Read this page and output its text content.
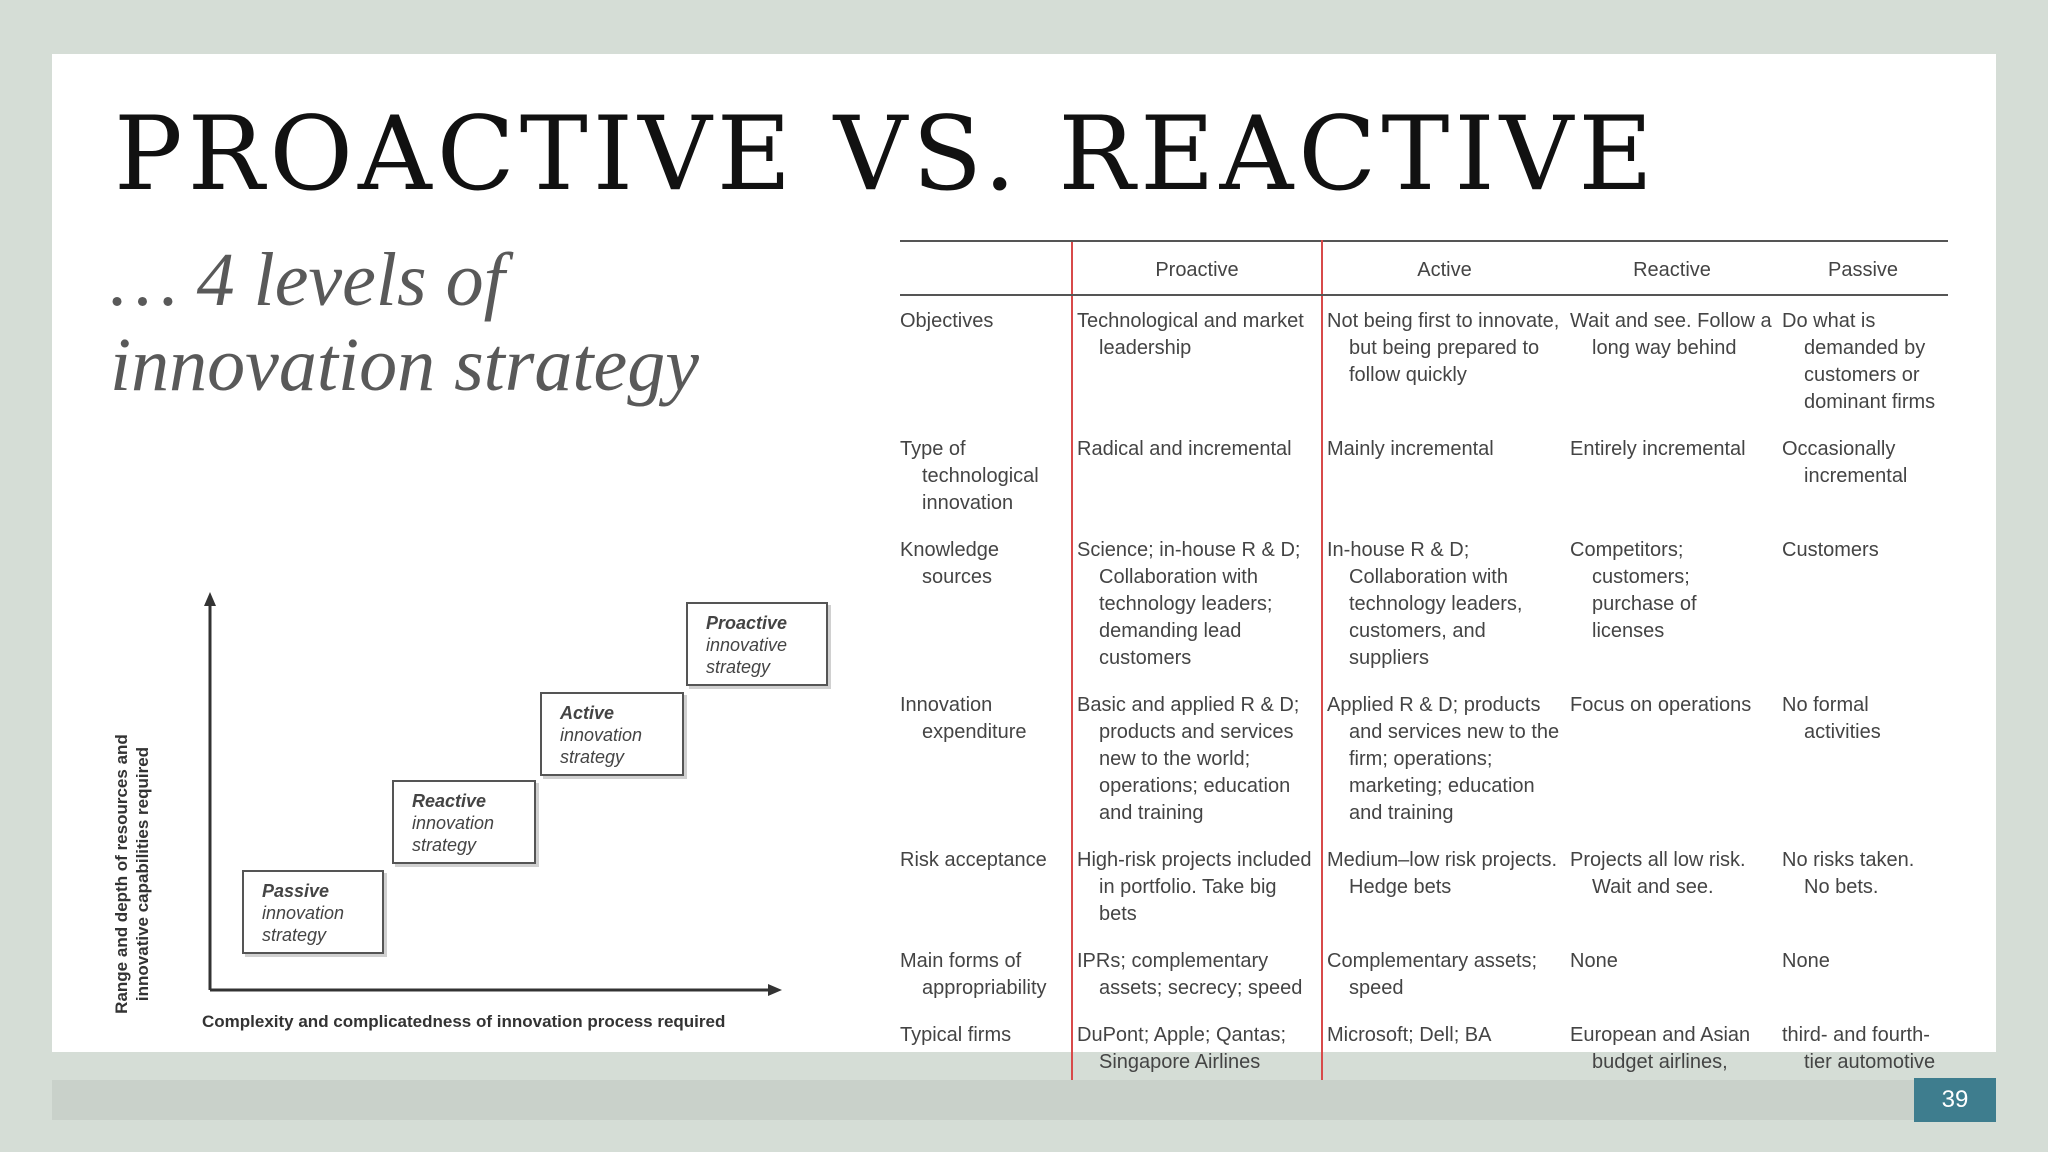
PROACTIVE VS. REACTIVE
… 4 levels of
innovation strategy
Range and depth of resources and innovative capabilities required
Complexity and complicatedness of innovation process required
Passive
innovation
strategy
Reactive
innovation
strategy
Active
innovation
strategy
Proactive
innovative
strategy
	Proactive	Active	Reactive	Passive
Objectives	Technological and market leadership	Not being first to innovate, but being prepared to follow quickly	Wait and see. Follow a long way behind	Do what is demanded by customers or dominant firms
Type of technological innovation	Radical and incremental	Mainly incremental	Entirely incremental	Occasionally incremental
Knowledge sources	Science; in-house R & D; Collaboration with technology leaders; demanding lead customers	In-house R & D; Collaboration with technology leaders, customers, and suppliers	Competitors; customers; purchase of licenses	Customers
Innovation expenditure	Basic and applied R & D; products and services new to the world; operations; education and training	Applied R & D; products and services new to the firm; operations; marketing; education and training	Focus on operations	No formal activities
Risk acceptance	High-risk projects included in portfolio. Take big bets	Medium–low risk projects. Hedge bets	Projects all low risk. Wait and see.	No risks taken. No bets.
Main forms of appropriability	IPRs; complementary assets; secrecy; speed	Complementary assets; speed	None	None
Typical firms	DuPont; Apple; Qantas; Singapore Airlines	Microsoft; Dell; BA	European and Asian budget airlines,	third- and fourth-tier automotive
39
